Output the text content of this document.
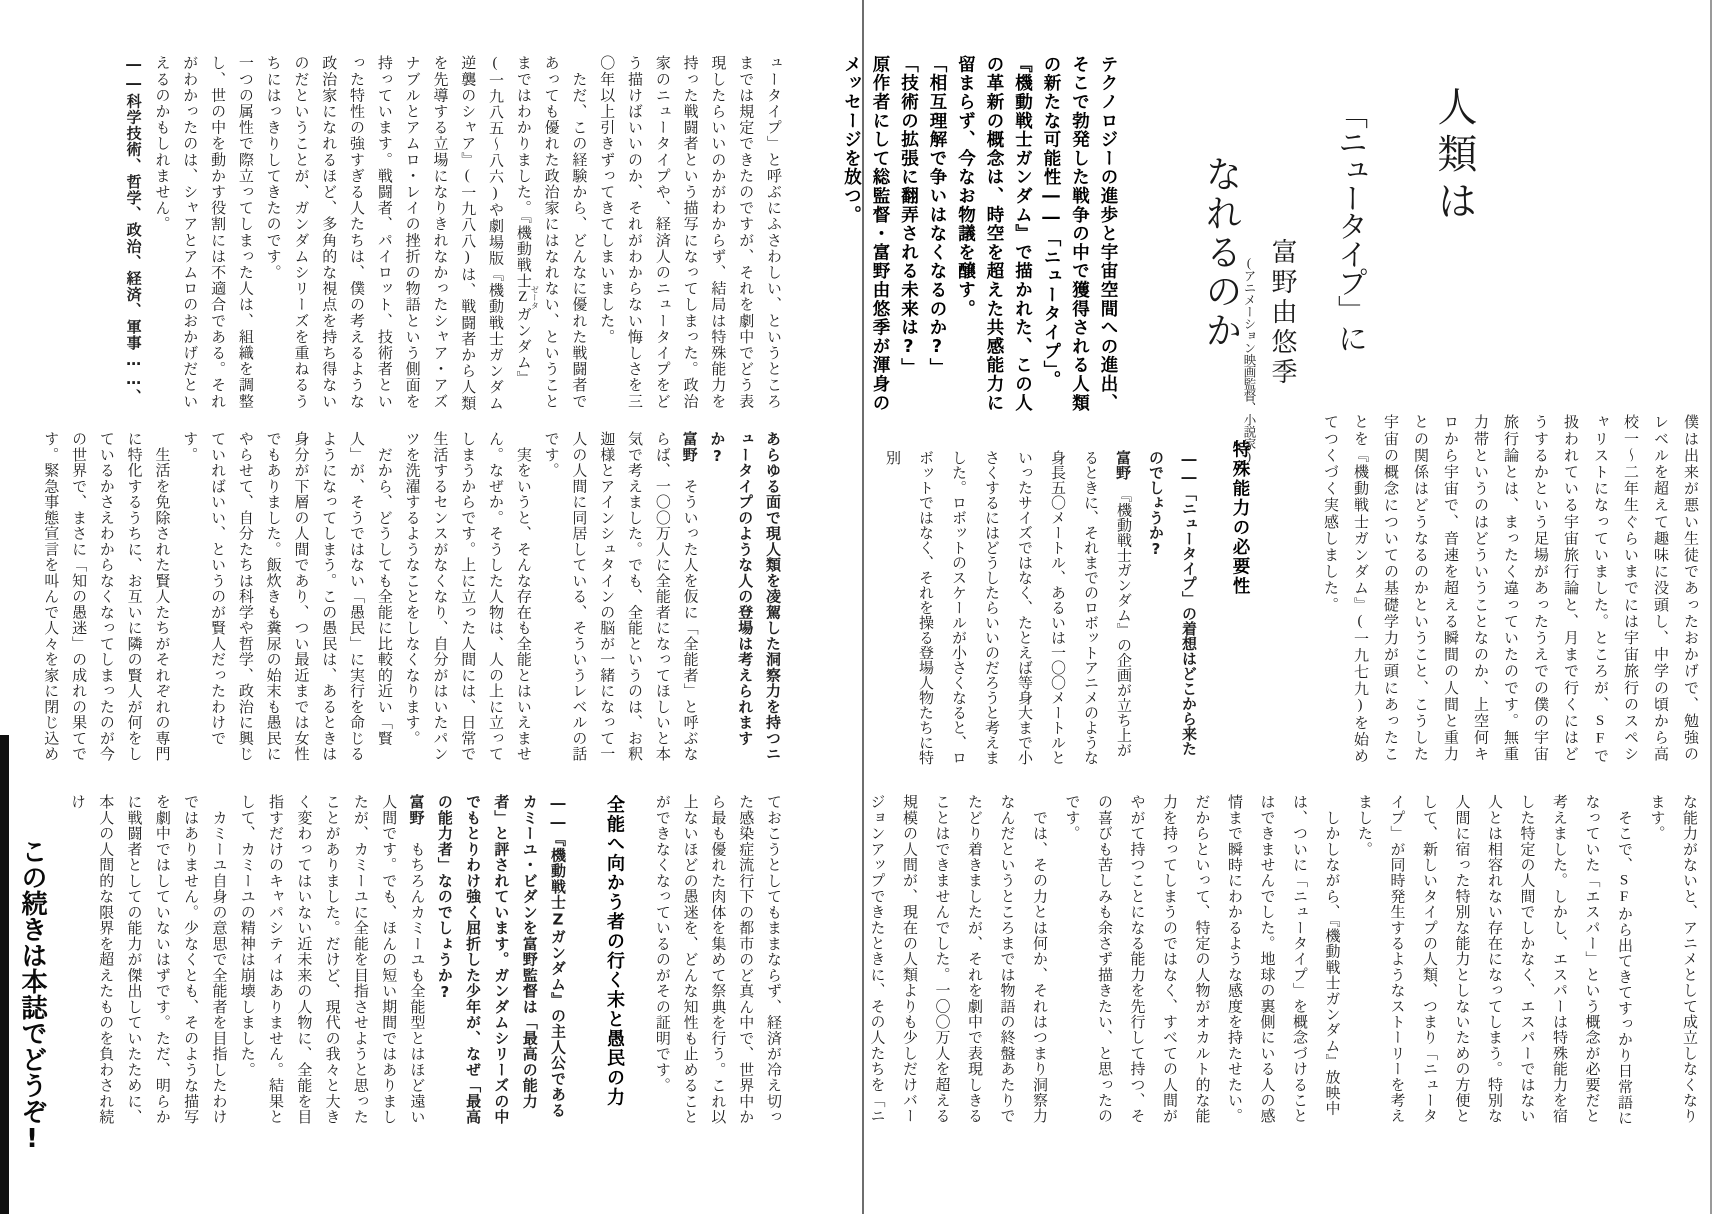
人類は
「ニュータイプ」に
なれるのか 富野由悠季
(アニメーション映画監督、小説家)

テクノロジーの進歩と宇宙空間への進出、そこで勃発した戦争の中で獲得される人類の新たな可能性――「ニュータイプ」。『機動戦士ガンダム』で描かれた、この人の革新の概念は、時空を超えた共感能力に留まらず、今なお物議を醸す。

「相互理解で争いはなくなるのか?」

「技術の拡張に翻弄される未来は?」

原作者にして総監督・富野由悠季が渾身のメッセージを放つ。

僕は出来が悪い生徒であったおかげで、勉強のレベルを超えて趣味に没頭し、中学の頃から高校一〜二年生ぐらいまでには宇宙旅行のスペシャリストになっていました。ところが、SFで扱われている宇宙旅行論と、月まで行くにはどうするかという足場があったうえでの僕の宇宙旅行論とは、まったく違っていたのです。無重力帯というのはどういうことなのか、上空何キロから宇宙で、音速を超える瞬間の人間と重力との関係はどうなるのかということ、こうした宇宙の概念についての基礎学力が頭にあったことを『機動戦士ガンダム』(一九七九)を始めてつくづく実感しました。

特殊能力の必要性

――「ニュータイプ」の着想はどこから来たのでしょうか?

富野　『機動戦士ガンダム』の企画が立ち上がるときに、それまでのロボットアニメのような身長五〇メートル、あるいは一〇〇メートルといったサイズではなく、たとえば等身大まで小さくするにはどうしたらいいのだろうと考えました。ロボットのスケールが小さくなると、ロボットではなく、それを操る登場人物たちに特別

な能力がないと、アニメとして成立しなくなります。

　そこで、SFから出てきてすっかり日常語になっていた「エスパー」という概念が必要だと考えました。しかし、エスパーは特殊能力を宿した特定の人間でしかなく、エスパーではない人とは相容れない存在になってしまう。特別な人間に宿った特別な能力としないための方便として、新しいタイプの人類、つまり「ニュータイプ」が同時発生するようなストーリーを考えました。

　しかしながら、『機動戦士ガンダム』放映中は、ついに「ニュータイプ」を概念づけることはできませんでした。地球の裏側にいる人の感情まで瞬時にわかるような感度を持たせたい。だからといって、特定の人物がオカルト的な能力を持ってしまうのではなく、すべての人間がやがて持つことになる能力を先行して持つ、その喜びも苦しみも余さず描きたい、と思ったのです。

　では、その力とは何か、それはつまり洞察力なんだというところまでは物語の終盤あたりでたどり着きましたが、それを劇中で表現しきることはできませんでした。一〇〇万人を超える規模の人間が、現在の人類よりも少しだけバージョンアップできたときに、その人たちを「ニ

ュータイプ」と呼ぶにふさわしい、というところまでは規定できたのですが、それを劇中でどう表現したらいいのかがわからず、結局は特殊能力を持った戦闘者という描写になってしまった。政治家のニュータイプや、経済人のニュータイプをどう描けばいいのか、それがわからない悔しさを三〇年以上引きずってきてしまいました。

　ただ、この経験から、どんなに優れた戦闘者であっても優れた政治家にはなれない、ということまではわかりました。『機動戦士Z ゼータガンダム』(一九八五〜八六)や劇場版『機動戦士ガンダム　逆襲のシャア』(一九八八)は、戦闘者から人類を先導する立場になりきれなかったシャア・アズナブルとアムロ・レイの挫折の物語という側面を持っています。戦闘者、パイロット、技術者といった特性の強すぎる人たちは、僕の考えるような政治家になれるほど、多角的な視点を持ち得ないのだということが、ガンダムシリーズを重ねるうちにはっきりしてきたのです。

一つの属性で際立ってしまった人は、組織を調整し、世の中を動かす役割には不適合である。それがわかったのは、シャアとアムロのおかげだといえるのかもしれません。

――科学技術、哲学、政治、経済、軍事……、

あらゆる面で現人類を凌駕した洞察力を持つニュータイプのような人の登場は考えられますか?

富野　そういった人を仮に「全能者」と呼ぶならば、一〇〇万人に全能者になってほしいと本気で考えました。でも、全能というのは、お釈迦様とアインシュタインの脳が一緒になって一人の人間に同居している、そういうレベルの話です。

　実をいうと、そんな存在も全能とはいえません。なぜか。そうした人物は、人の上に立ってしまうからです。上に立った人間には、日常で生活するセンスがなくなり、自分がはいたパンツを洗濯するようなことをしなくなります。

　だから、どうしても全能に比較的近い「賢人」が、そうではない「愚民」に実行を命じるようになってしまう。この愚民は、あるときは身分が下層の人間であり、つい最近までは女性でもありました。飯炊きも糞尿の始末も愚民にやらせて、自分たちは科学や哲学、政治に興じていればいい、というのが賢人だったわけです。

　生活を免除された賢人たちがそれぞれの専門に特化するうちに、お互いに隣の賢人が何をしているかさえわからなくなってしまったのが今の世界で、まさに「知の愚迷」の成れの果てです。緊急事態宣言を叫んで人々を家に閉じ込め

ておこうとしてもままならず、経済が冷え切った感染症流行下の都市のど真ん中で、世界中から最も優れた肉体を集めて祭典を行う。これ以上ないほどの愚迷を、どんな知性も止めることができなくなっているのがその証明です。

全能へ向かう者の行く末と愚民の力

――『機動戦士Zガンダム』の主人公であるカミーユ・ビダンを富野監督は「最高の能力者」と評されています。ガンダムシリーズの中でもとりわけ強く屈折した少年が、なぜ「最高の能力者」なのでしょうか?

富野　もちろんカミーユも全能型とはほど遠い人間です。でも、ほんの短い期間ではありましたが、カミーユに全能を目指させようと思ったことがありました。だけど、現代の我々と大きく変わってはいない近未来の人物に、全能を目指すだけのキャパシティはありません。結果として、カミーユの精神は崩壊しました。

　カミーユ自身の意思で全能者を目指したわけではありません。少なくとも、そのような描写を劇中ではしていないはずです。ただ、明らかに戦闘者としての能力が傑出していたために、本人の人間的な限界を超えたものを負わされ続け

この続きは本誌でどうぞ!
